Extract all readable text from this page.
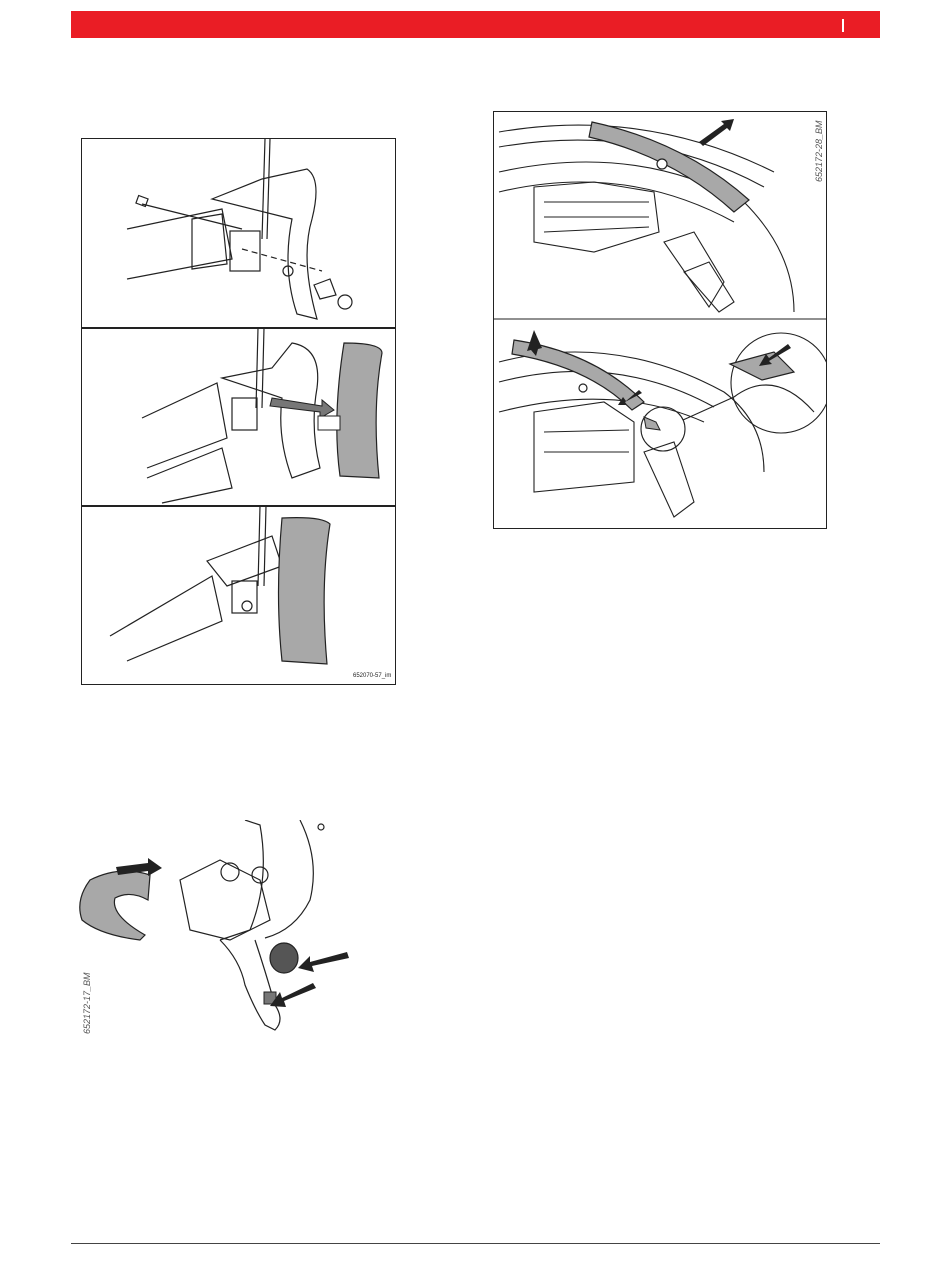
652070-57_im
652172-28_BM
652172-17_BM
